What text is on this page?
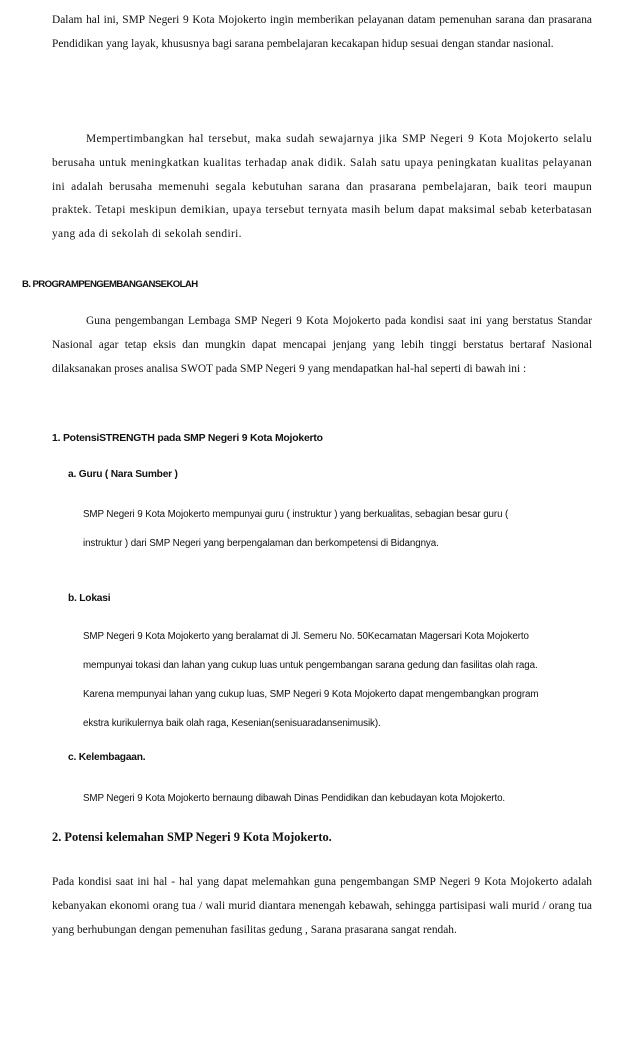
Dalam hal ini, SMP Negeri 9 Kota Mojokerto ingin memberikan pelayanan datam pemenuhan sarana dan prasarana Pendidikan yang layak, khususnya bagi sarana pembelajaran kecakapan hidup sesuai dengan standar nasional.

Mempertimbangkan hal tersebut, maka sudah sewajarnya jika SMP Negeri 9 Kota Mojokerto selalu berusaha untuk meningkatkan kualitas terhadap anak didik. Salah satu upaya peningkatan kualitas pelayanan ini adalah berusaha memenuhi segala kebutuhan sarana dan prasarana pembelajaran, baik teori maupun praktek. Tetapi meskipun demikian, upaya tersebut ternyata masih belum dapat maksimal sebab keterbatasan yang ada di sekolah di sekolah sendiri.

B. PROGRAMPENGEMBANGANSEKOLAH

Guna pengembangan Lembaga SMP Negeri 9 Kota Mojokerto pada kondisi saat ini yang berstatus Standar Nasional agar tetap eksis dan mungkin dapat mencapai jenjang yang lebih tinggi berstatus bertaraf Nasional dilaksanakan proses analisa SWOT pada SMP Negeri 9 yang mendapatkan hal-hal seperti di bawah ini :

1. PotensiSTRENGTH pada SMP Negeri 9 Kota Mojokerto

a. Guru ( Nara Sumber )

SMP Negeri 9 Kota Mojokerto mempunyai guru ( instruktur ) yang berkualitas, sebagian besar guru (
instruktur ) dari SMP Negeri yang berpengalaman dan berkompetensi di Bidangnya.

b. Lokasi

SMP Negeri 9 Kota Mojokerto yang beralamat di Jl. Semeru No. 50Kecamatan Magersari Kota Mojokerto
mempunyai tokasi dan lahan yang cukup luas untuk pengembangan sarana gedung dan fasilitas olah raga.
Karena mempunyai lahan yang cukup luas, SMP Negeri 9 Kota Mojokerto dapat mengembangkan program
ekstra kurikulernya baik olah raga, Kesenian(senisuaradansenimusik).

c. Kelembagaan.

SMP Negeri 9 Kota Mojokerto bernaung dibawah Dinas Pendidikan dan kebudayan kota Mojokerto.

2. Potensi kelemahan SMP Negeri 9 Kota Mojokerto.

Pada kondisi saat ini hal - hal yang dapat melemahkan guna pengembangan SMP Negeri 9 Kota Mojokerto adalah kebanyakan ekonomi orang tua / wali murid diantara menengah kebawah, sehingga partisipasi wali murid / orang tua yang berhubungan dengan pemenuhan fasilitas gedung , Sarana prasarana sangat rendah.
